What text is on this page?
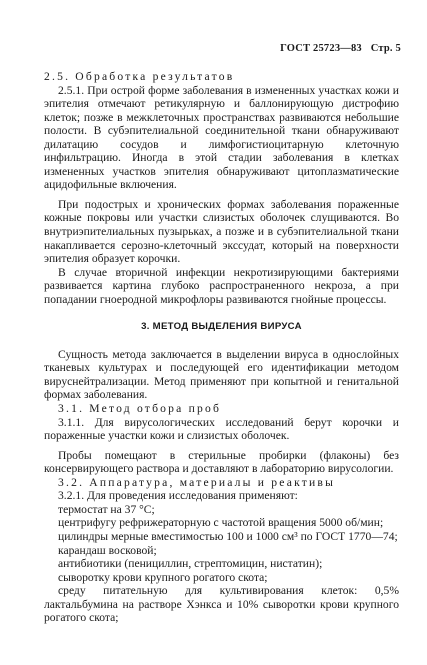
ГОСТ 25723—83 Стр. 5

2.5. Обработка результатов

2.5.1. При острой форме заболевания в измененных участках кожи и эпителия отмечают ретикулярную и баллонирующую дистрофию клеток; позже в межклеточных пространствах развиваются небольшие полости. В субэпителиальной соединительной ткани обнаруживают дилатацию сосудов и лимфогистиоцитарную клеточную инфильтрацию. Иногда в этой стадии заболевания в клетках измененных участков эпителия обнаруживают цитоплазматические ацидофильные включения.

При подострых и хронических формах заболевания пораженные кожные покровы или участки слизистых оболочек слущиваются. Во внутриэпителиальных пузырьках, а позже и в субэпителиальной ткани накапливается серозно-клеточный экссудат, который на поверхности эпителия образует корочки.

В случае вторичной инфекции некротизирующими бактериями развивается картина глубоко распространенного некроза, а при попадании гноеродной микрофлоры развиваются гнойные процессы.

3. МЕТОД ВЫДЕЛЕНИЯ ВИРУСА

Сущность метода заключается в выделении вируса в однослойных тканевых культурах и последующей его идентификации методом вируснейтрализации. Метод применяют при копытной и генитальной формах заболевания.

3.1. Метод отбора проб

3.1.1. Для вирусологических исследований берут корочки и пораженные участки кожи и слизистых оболочек.

Пробы помещают в стерильные пробирки (флаконы) без консервирующего раствора и доставляют в лабораторию вирусологии.

3.2. Аппаратура, материалы и реактивы

3.2.1. Для проведения исследования применяют:

термостат на 37 °C;

центрифугу рефрижераторную с частотой вращения 5000 об/мин;

цилиндры мерные вместимостью 100 и 1000 см³ по ГОСТ 1770—74;

карандаш восковой;

антибиотики (пенициллин, стрептомицин, нистатин);

сыворотку крови крупного рогатого скота;

среду питательную для культивирования клеток: 0,5% лактальбумина на растворе Хэнкса и 10% сыворотки крови крупного рогатого скота;
